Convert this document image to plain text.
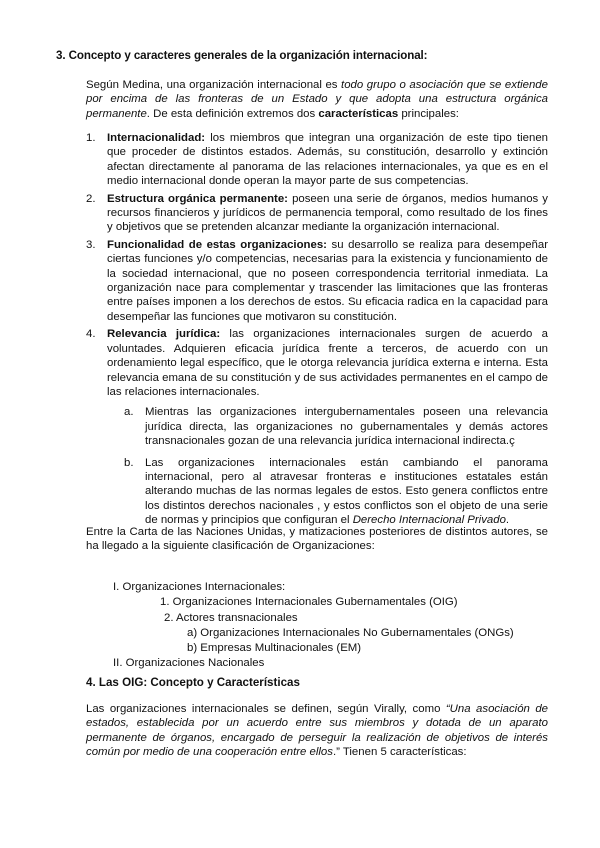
3. Concepto y caracteres generales de la organización internacional:

Según Medina, una organización internacional es todo grupo o asociación que se extiende por encima de las fronteras de un Estado y que adopta una estructura orgánica permanente. De esta definición extremos dos características principales:

1. Internacionalidad: los miembros que integran una organización de este tipo tienen que proceder de distintos estados. Además, su constitución, desarrollo y extinción afectan directamente al panorama de las relaciones internacionales, ya que es en el medio internacional donde operan la mayor parte de sus competencias.
2. Estructura orgánica permanente: poseen una serie de órganos, medios humanos y recursos financieros y jurídicos de permanencia temporal, como resultado de los fines y objetivos que se pretenden alcanzar mediante la organización internacional.
3. Funcionalidad de estas organizaciones: su desarrollo se realiza para desempeñar ciertas funciones y/o competencias, necesarias para la existencia y funcionamiento de la sociedad internacional, que no poseen correspondencia territorial inmediata. La organización nace para complementar y trascender las limitaciones que las fronteras entre países imponen a los derechos de estos. Su eficacia radica en la capacidad para desempeñar las funciones que motivaron su constitución.
4. Relevancia jurídica: las organizaciones internacionales surgen de acuerdo a voluntades. Adquieren eficacia jurídica frente a terceros, de acuerdo con un ordenamiento legal específico, que le otorga relevancia jurídica externa e interna. Esta relevancia emana de su constitución y de sus actividades permanentes en el campo de las relaciones internacionales.
a. Mientras las organizaciones intergubernamentales poseen una relevancia jurídica directa, las organizaciones no gubernamentales y demás actores transnacionales gozan de una relevancia jurídica internacional indirecta.ç
b. Las organizaciones internacionales están cambiando el panorama internacional, pero al atravesar fronteras e instituciones estatales están alterando muchas de las normas legales de estos. Esto genera conflictos entre los distintos derechos nacionales , y estos conflictos son el objeto de una serie de normas y principios que configuran el Derecho Internacional Privado.

Entre la Carta de las Naciones Unidas, y matizaciones posteriores de distintos autores, se ha llegado a la siguiente clasificación de Organizaciones:

I. Organizaciones Internacionales:
1. Organizaciones Internacionales Gubernamentales (OIG)
2. Actores transnacionales
a) Organizaciones Internacionales No Gubernamentales (ONGs)
b) Empresas Multinacionales (EM)
II. Organizaciones Nacionales

4. Las OIG: Concepto y Características

Las organizaciones internacionales se definen, según Virally, como “Una asociación de estados, establecida por un acuerdo entre sus miembros y dotada de un aparato permanente de órganos, encargado de perseguir la realización de objetivos de interés común por medio de una cooperación entre ellos.” Tienen 5 características:
